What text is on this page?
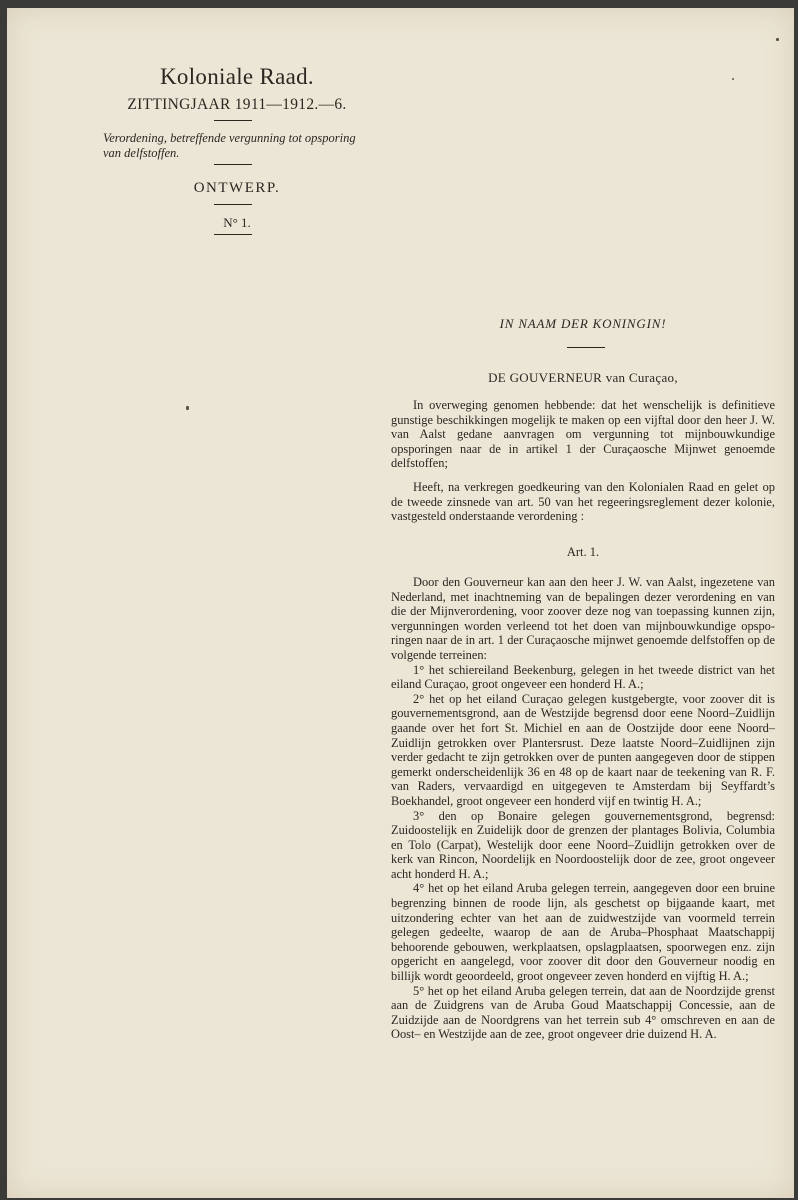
Koloniale Raad.
ZITTINGJAAR 1911—1912.—6.
Verordening, betreffende vergunning tot opsporing van delfstoffen.
ONTWERP.
N° 1.
IN NAAM DER KONINGIN!
DE GOUVERNEUR van Curaçao,

In overweging genomen hebbende: dat het wenschelijk is definitieve gunstige beschikkingen mogelijk te maken op een vijftal door den heer J. W. van Aalst gedane aanvragen om vergunning tot mijnbouwkundige opsporingen naar de in artikel 1 der Curaçaosche Mijnwet genoemde delfstoffen;

Heeft, na verkregen goedkeuring van den Kolonialen Raad en gelet op de tweede zinsnede van art. 50 van het regeeringsreglement dezer kolonie, vastgesteld onderstaande verordening :

Art. 1.

Door den Gouverneur kan aan den heer J. W. van Aalst, ingezetene van Nederland, met inachtneming van de bepalingen dezer verordening en van die der Mijnverordening, voor zoover deze nog van toepassing kunnen zijn, vergunningen worden verleend tot het doen van mijnbouwkundige opsporingen naar de in art. 1 der Curaçaosche mijnwet genoemde delfstoffen op de volgende terreinen:

1° het schiereiland Beekenburg, gelegen in het tweede district van het eiland Curaçao, groot ongeveer een honderd H. A.;

2° het op het eiland Curaçao gelegen kustgebergte, voor zoover dit is gouvernementsgrond, aan de Westzijde begrensd door eene Noord–Zuidlijn gaande over het fort St. Michiel en aan de Oostzijde door eene Noord–Zuidlijn getrokken over Plantersrust. Deze laatste Noord–Zuidlijnen zijn verder gedacht te zijn getrokken over de punten aangegeven door de stippen gemerkt onderscheidenlijk 36 en 48 op de kaart naar de teekening van R. F. van Raders, vervaardigd en uitgegeven te Amsterdam bij Seyffardt’s Boekhandel, groot ongeveer een honderd vijf en twintig H. A.;

3° den op Bonaire gelegen gouvernementsgrond, begrensd: Zuidoostelijk en Zuidelijk door de grenzen der plantages Bolivia, Columbia en Tolo (Carpat), Westelijk door eene Noord–Zuidlijn getrokken over de kerk van Rincon, Noordelijk en Noordoostelijk door de zee, groot ongeveer acht honderd H. A.;

4° het op het eiland Aruba gelegen terrein, aangegeven door een bruine begrenzing binnen de roode lijn, als geschetst op bijgaande kaart, met uitzondering echter van het aan de zuidwestzijde van voormeld terrein gelegen gedeelte, waarop de aan de Aruba–Phosphaat Maatschappij behoorende gebouwen, werkplaatsen, opslagplaatsen, spoorwegen enz. zijn opgericht en aangelegd, voor zoover dit door den Gouverneur noodig en billijk wordt geoordeeld, groot ongeveer zeven honderd en vijftig H. A.;

5° het op het eiland Aruba gelegen terrein, dat aan de Noordzijde grenst aan de Zuidgrens van de Aruba Goud Maatschappij Concessie, aan de Zuidzijde aan de Noordgrens van het terrein sub 4° omschreven en aan de Oost– en Westzijde aan de zee, groot ongeveer drie duizend H. A.
